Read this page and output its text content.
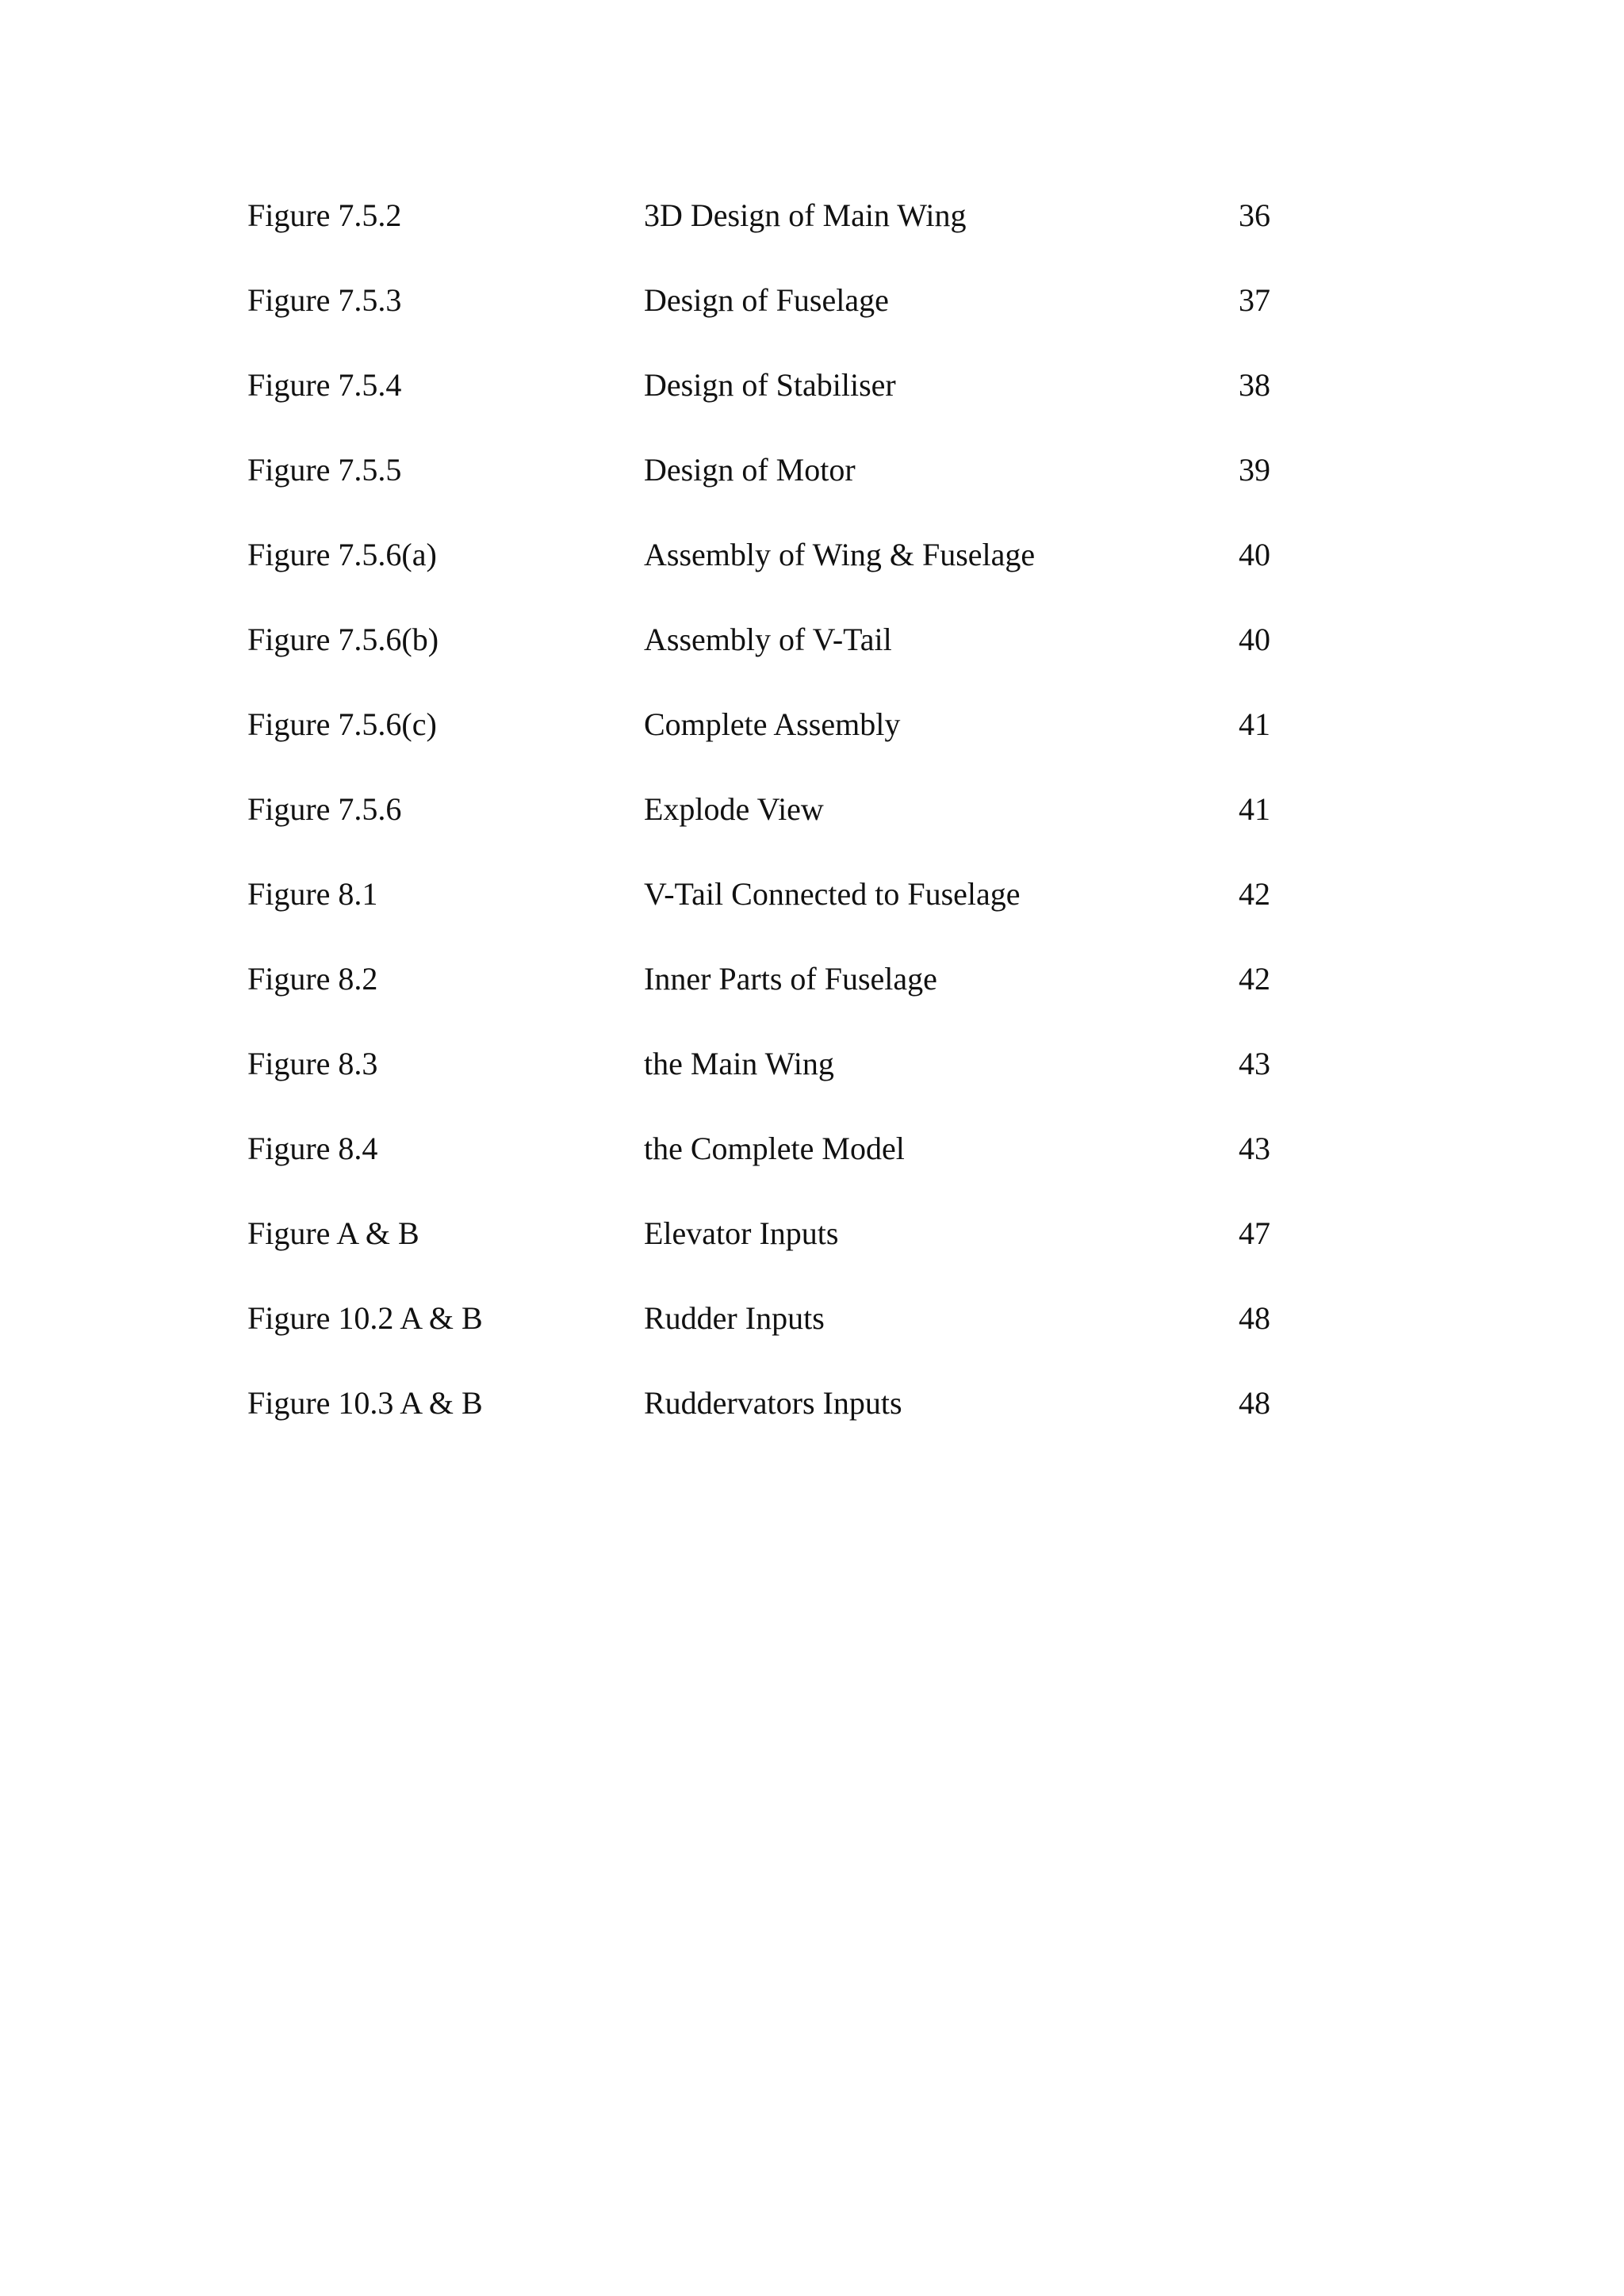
Figure 7.5.2	3D Design of Main Wing	36
Figure 7.5.3	Design of Fuselage	37
Figure 7.5.4	Design of Stabiliser	38
Figure 7.5.5	Design of Motor	39
Figure 7.5.6(a)	Assembly of Wing & Fuselage	40
Figure 7.5.6(b)	Assembly of V-Tail	40
Figure 7.5.6(c)	Complete Assembly	41
Figure 7.5.6	Explode View	41
Figure 8.1	V-Tail Connected to Fuselage	42
Figure 8.2	Inner Parts of Fuselage	42
Figure 8.3	the Main Wing	43
Figure 8.4	the Complete Model	43
Figure A & B	Elevator Inputs	47
Figure 10.2 A & B	Rudder Inputs	48
Figure 10.3 A & B	Ruddervators Inputs	48
